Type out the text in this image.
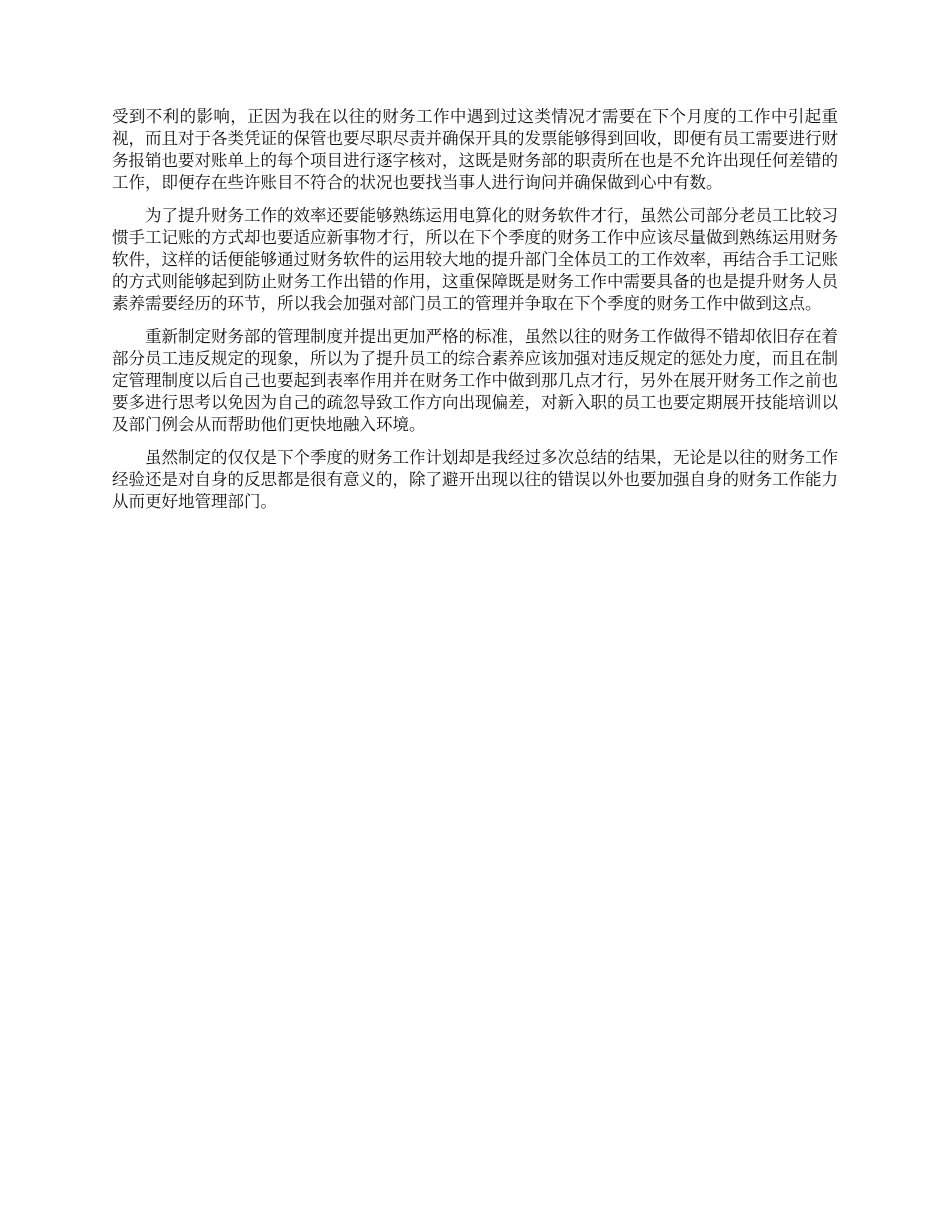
受到不利的影响，正因为我在以往的财务工作中遇到过这类情况才需要在下个月度的工作中引起重视，而且对于各类凭证的保管也要尽职尽责并确保开具的发票能够得到回收，即便有员工需要进行财务报销也要对账单上的每个项目进行逐字核对，这既是财务部的职责所在也是不允许出现任何差错的工作，即便存在些许账目不符合的状况也要找当事人进行询问并确保做到心中有数。

为了提升财务工作的效率还要能够熟练运用电算化的财务软件才行，虽然公司部分老员工比较习惯手工记账的方式却也要适应新事物才行，所以在下个季度的财务工作中应该尽量做到熟练运用财务软件，这样的话便能够通过财务软件的运用较大地的提升部门全体员工的工作效率，再结合手工记账的方式则能够起到防止财务工作出错的作用，这重保障既是财务工作中需要具备的也是提升财务人员素养需要经历的环节，所以我会加强对部门员工的管理并争取在下个季度的财务工作中做到这点。

重新制定财务部的管理制度并提出更加严格的标准，虽然以往的财务工作做得不错却依旧存在着部分员工违反规定的现象，所以为了提升员工的综合素养应该加强对违反规定的惩处力度，而且在制定管理制度以后自己也要起到表率作用并在财务工作中做到那几点才行，另外在展开财务工作之前也要多进行思考以免因为自己的疏忽导致工作方向出现偏差，对新入职的员工也要定期展开技能培训以及部门例会从而帮助他们更快地融入环境。

虽然制定的仅仅是下个季度的财务工作计划却是我经过多次总结的结果，无论是以往的财务工作经验还是对自身的反思都是很有意义的，除了避开出现以往的错误以外也要加强自身的财务工作能力从而更好地管理部门。
